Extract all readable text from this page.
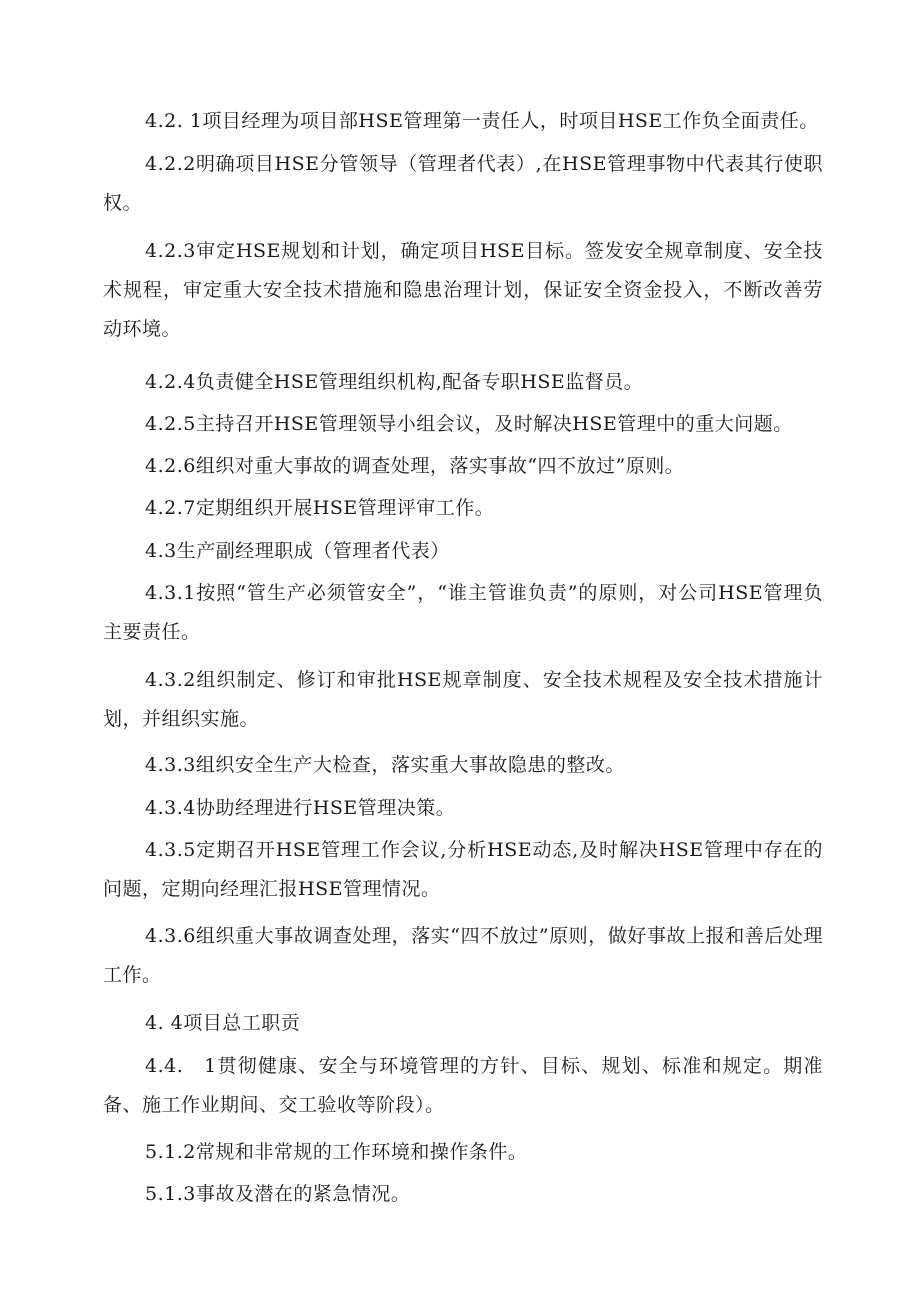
4.2. 1项目经理为项目部HSE管理第一责任人，时项目HSE工作负全面责任。

4.2.2明确项目HSE分管领导（管理者代表）,在HSE管理事物中代表其行使职权。

4.2.3审定HSE规划和计划，确定项目HSE目标。签发安全规章制度、安全技术规程，审定重大安全技术措施和隐患治理计划，保证安全资金投入，不断改善劳动环境。

4.2.4负责健全HSE管理组织机构,配备专职HSE监督员。

4.2.5主持召开HSE管理领导小组会议，及时解决HSE管理中的重大问题。

4.2.6组织对重大事故的调查处理，落实事故“四不放过”原则。

4.2.7定期组织开展HSE管理评审工作。

4.3生产副经理职成（管理者代表）

4.3.1按照“管生产必须管安全”，“谁主管谁负责”的原则，对公司HSE管理负主要责任。

4.3.2组织制定、修订和审批HSE规章制度、安全技术规程及安全技术措施计划，并组织实施。

4.3.3组织安全生产大检查，落实重大事故隐患的整改。

4.3.4协助经理进行HSE管理决策。

4.3.5定期召开HSE管理工作会议,分析HSE动态,及时解决HSE管理中存在的问题，定期向经理汇报HSE管理情况。

4.3.6组织重大事故调查处理，落实“四不放过”原则，做好事故上报和善后处理工作。

4. 4项目总工职贡

4.4.　1贯彻健康、安全与环境管理的方针、目标、规划、标准和规定。期准备、施工作业期间、交工验收等阶段）。

5.1.2常规和非常规的工作环境和操作条件。

5.1.3事故及潜在的紧急情况。
